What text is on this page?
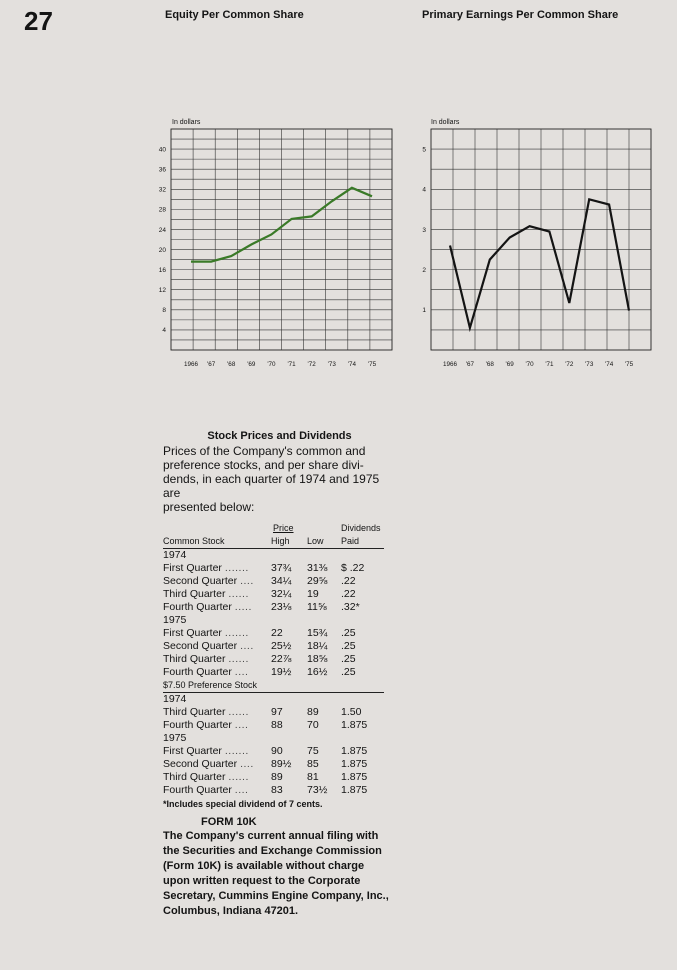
27	Equity Per Common Share	Primary Earnings Per Common Share
In dollars	In dollars
4
8
12
16
20
24
28
32
36
40
1966 '67 '68 '69 '70 '71 '72 '73 '74 '75
1
2
3
4
5
1966 '67 '68 '69 '70 '71 '72 '73 '74 '75
Stock Prices and Dividends
Prices of the Company's common and
preference stocks, and per share divi-
dends, in each quarter of 1974 and 1975 are
presented below:
	Price		Dividends
Common Stock	High	Low	Paid
1974			
First Quarter .......	37¾	31⅜	$ .22
Second Quarter ....	34¼	29⅝	.22
Third Quarter ......	32¼	19	.22
Fourth Quarter .....	23⅛	11⅝	.32*
1975			
First Quarter .......	22	15¾	.25
Second Quarter ....	25½	18¼	.25
Third Quarter ......	22⅞	18⅝	.25
Fourth Quarter ....	19½	16½	.25
$7.50 Preference Stock			
1974			
Third Quarter ......	97	89	1.50
Fourth Quarter ....	88	70	1.875
1975			
First Quarter .......	90	75	1.875
Second Quarter ....	89½	85	1.875
Third Quarter ......	89	81	1.875
Fourth Quarter ....	83	73½	1.875
*Includes special dividend of 7 cents.
FORM 10K
The Company's current annual filing with
the Securities and Exchange Commission
(Form 10K) is available without charge
upon written request to the Corporate
Secretary, Cummins Engine Company, Inc.,
Columbus, Indiana 47201.
